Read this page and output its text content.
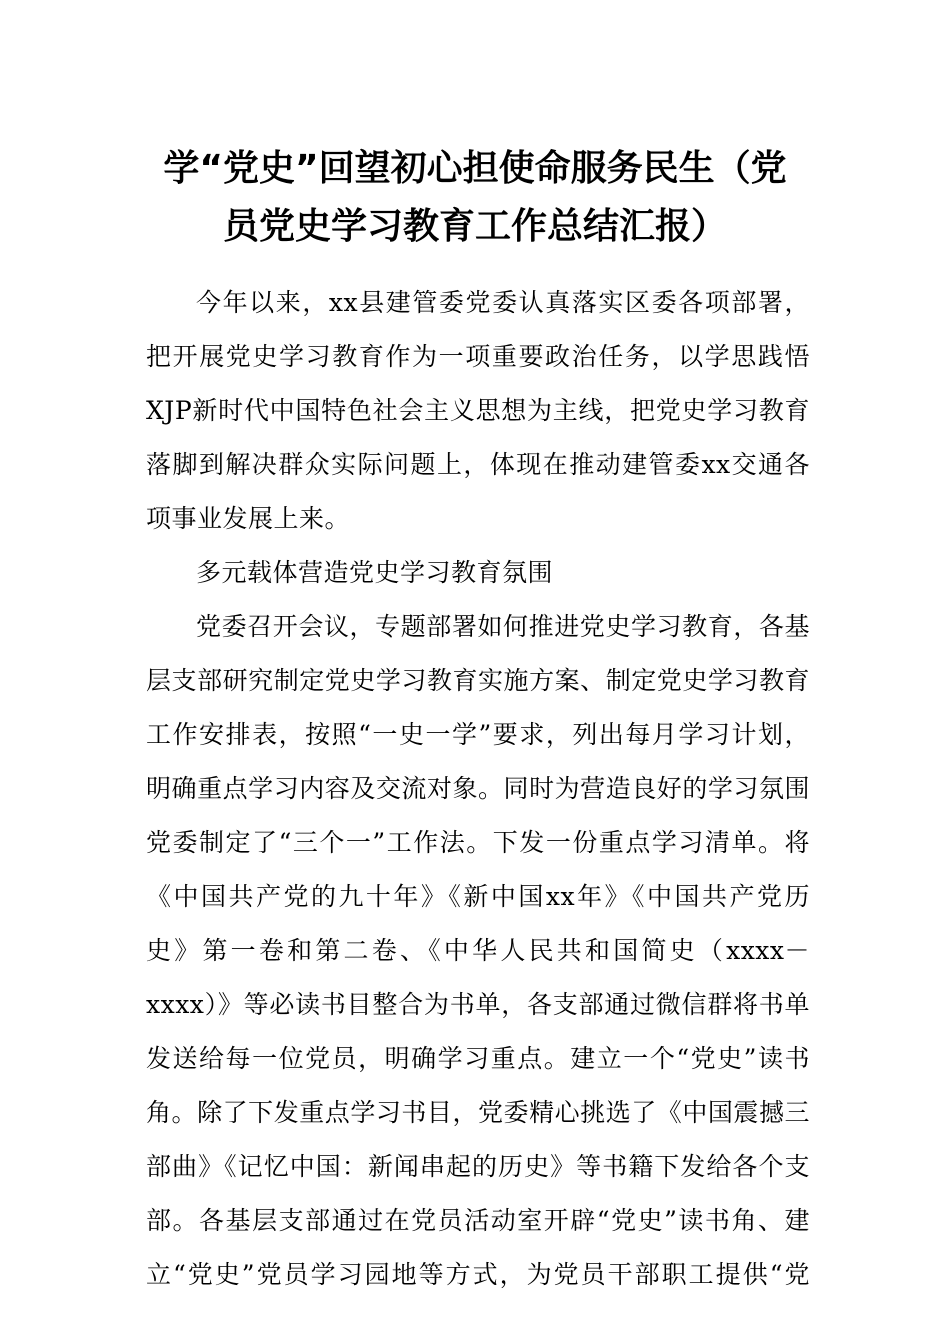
学“党史”回望初心担使命服务民生（党
员党史学习教育工作总结汇报）
今年以来，xx县建管委党委认真落实区委各项部署，
把开展党史学习教育作为一项重要政治任务，以学思践悟
XJP新时代中国特色社会主义思想为主线，把党史学习教育
落脚到解决群众实际问题上，体现在推动建管委xx交通各
项事业发展上来。
多元载体营造党史学习教育氛围
党委召开会议，专题部署如何推进党史学习教育，各基
层支部研究制定党史学习教育实施方案、制定党史学习教育
工作安排表，按照“一史一学”要求，列出每月学习计划，
明确重点学习内容及交流对象。同时为营造良好的学习氛围
党委制定了“三个一”工作法。下发一份重点学习清单。将
《中国共产党的九十年》《新中国xx年》《中国共产党历
史》第一卷和第二卷、《中华人民共和国简史（xxxx－
xxxx）》等必读书目整合为书单，各支部通过微信群将书单
发送给每一位党员，明确学习重点。建立一个“党史”读书
角。除了下发重点学习书目，党委精心挑选了《中国震撼三
部曲》《记忆中国：新闻串起的历史》等书籍下发给各个支
部。各基层支部通过在党员活动室开辟“党史”读书角、建
立“党史”党员学习园地等方式，为党员干部职工提供“党
